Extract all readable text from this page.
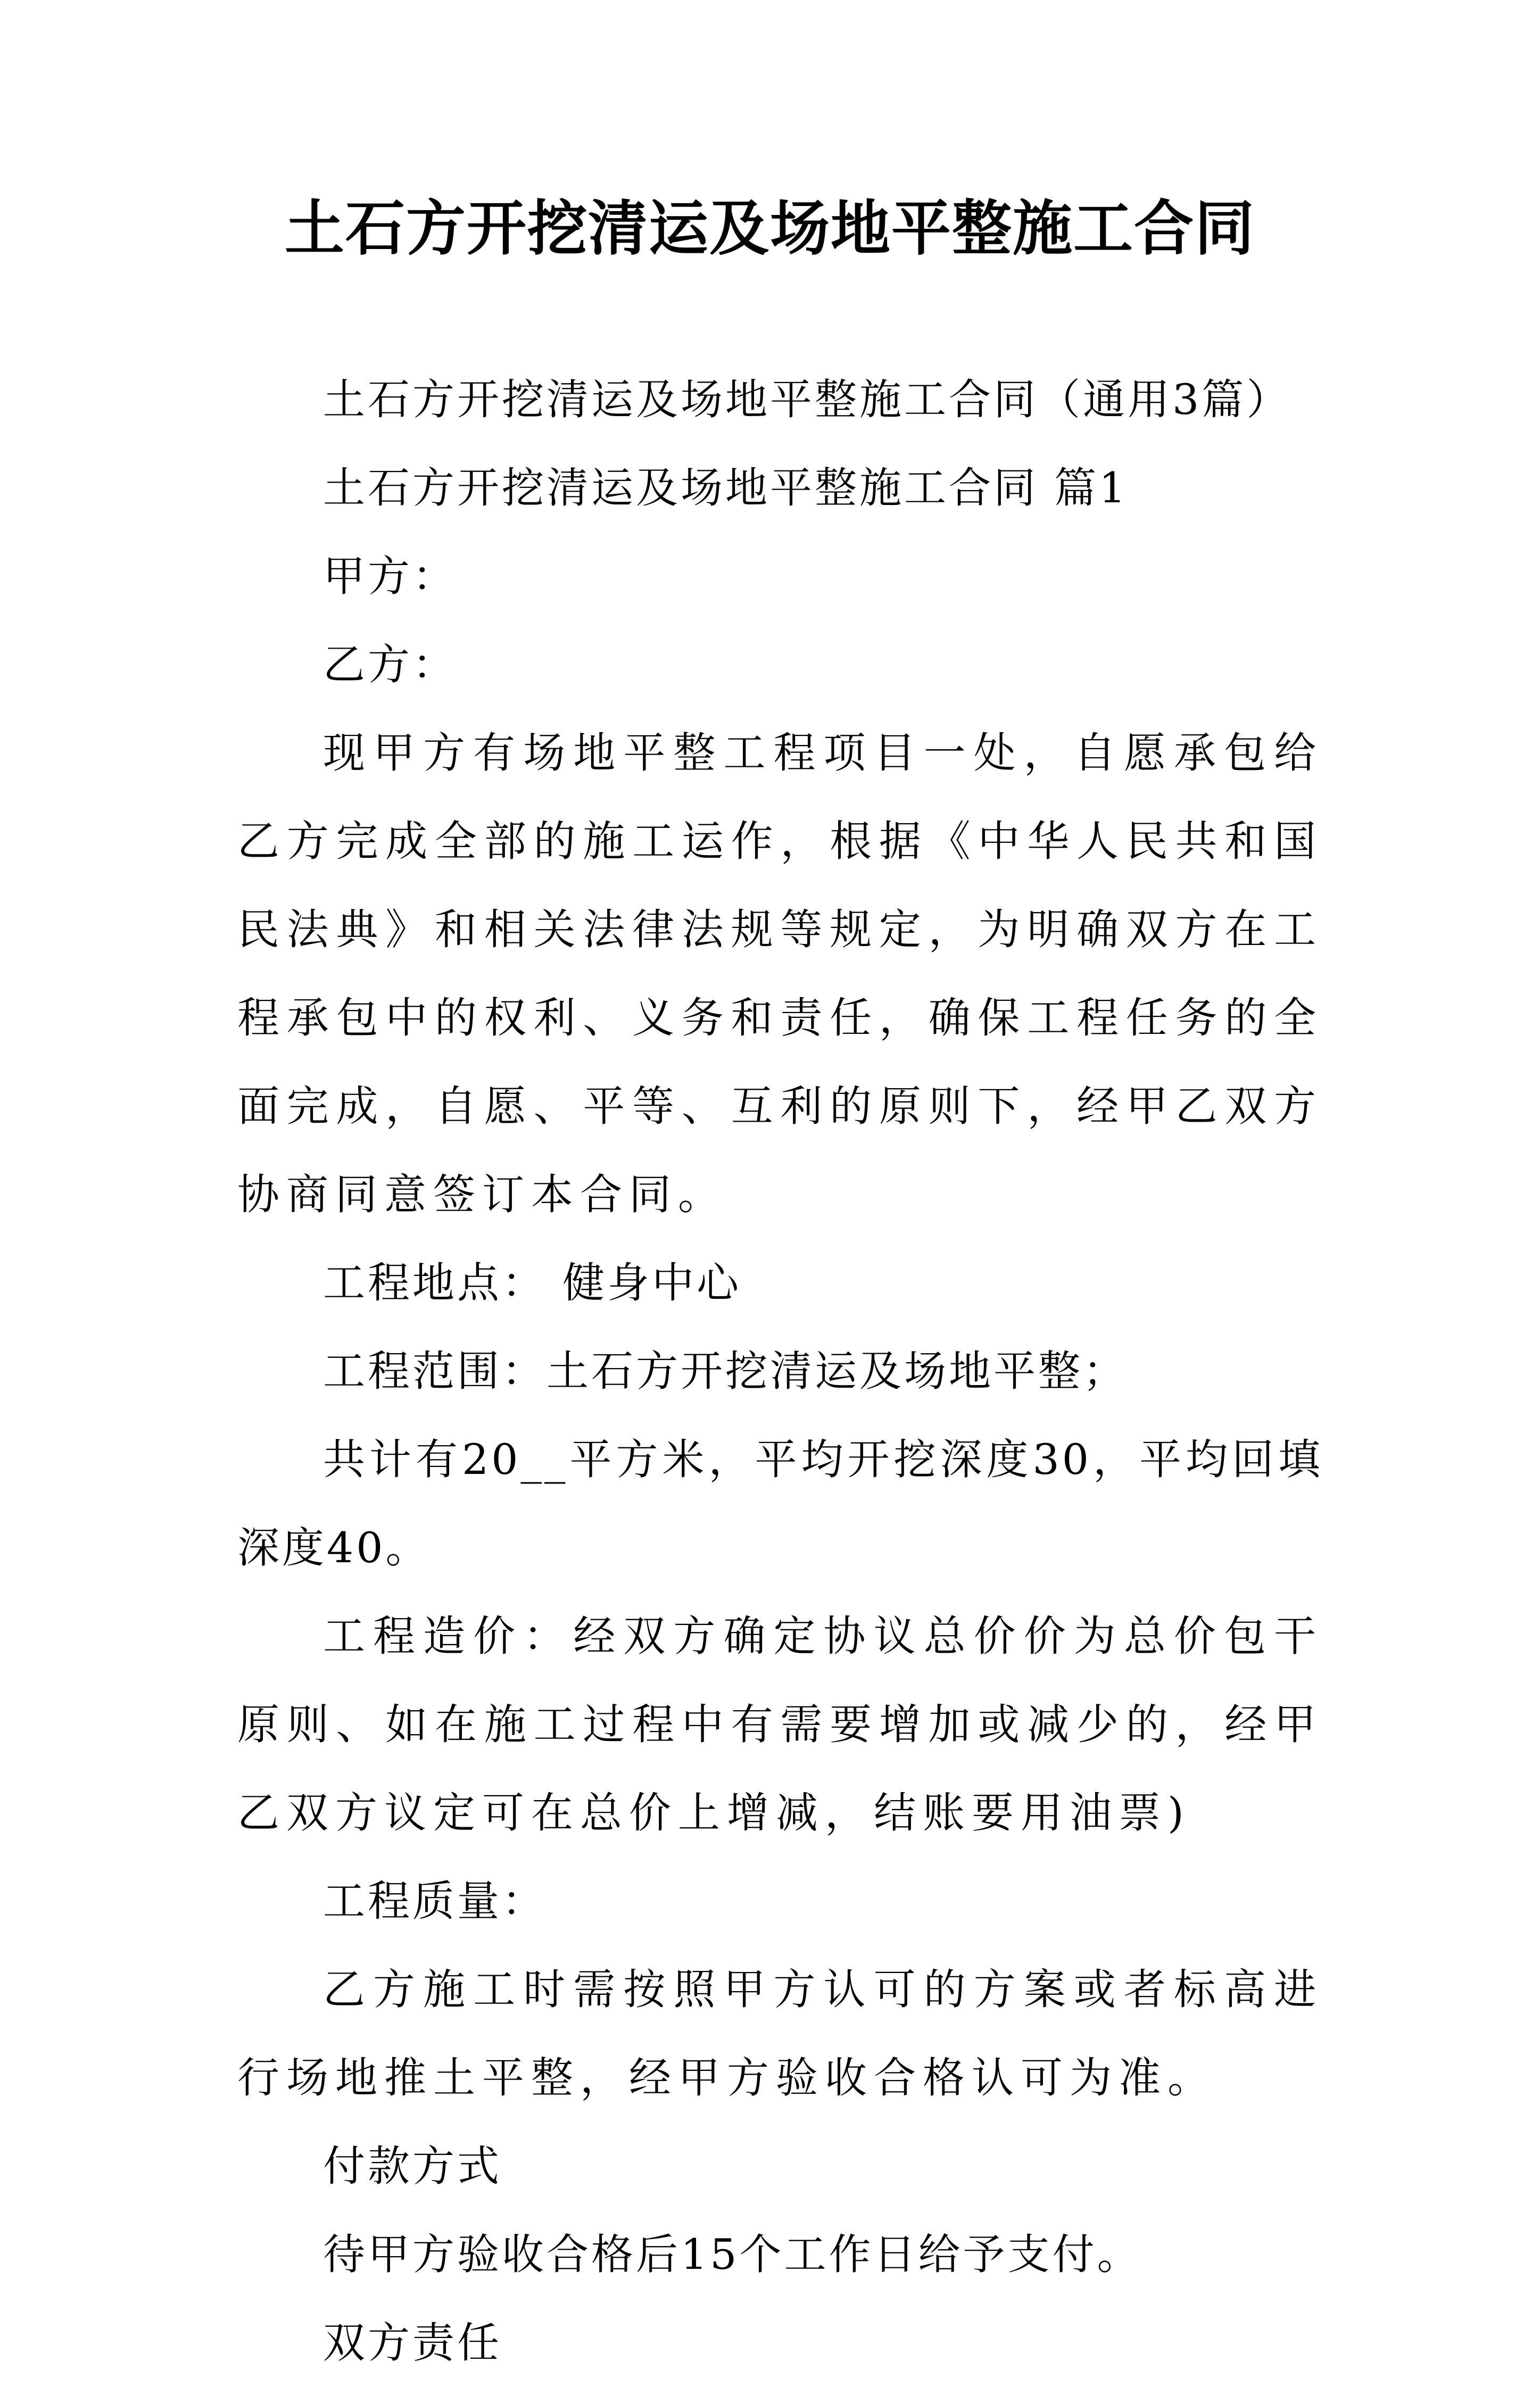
土石方开挖清运及场地平整施工合同

土石方开挖清运及场地平整施工合同（通用3篇）

土石方开挖清运及场地平整施工合同 篇1

甲方：

乙方：

现甲方有场地平整工程项目一处，自愿承包给乙方完成全部的施工运作，根据《中华人民共和国民法典》和相关法律法规等规定，为明确双方在工程承包中的权利、义务和责任，确保工程任务的全面完成，自愿、平等、互利的原则下，经甲乙双方协商同意签订本合同。

工程地点： 健身中心

工程范围：土石方开挖清运及场地平整；

共计有20__平方米，平均开挖深度30，平均回填深度40。

工程造价：经双方确定协议总价价为总价包干原则、如在施工过程中有需要增加或减少的，经甲乙双方议定可在总价上增减，结账要用油票)

工程质量：

乙方施工时需按照甲方认可的方案或者标高进行场地推土平整，经甲方验收合格认可为准。

付款方式

待甲方验收合格后15个工作日给予支付。

双方责任
